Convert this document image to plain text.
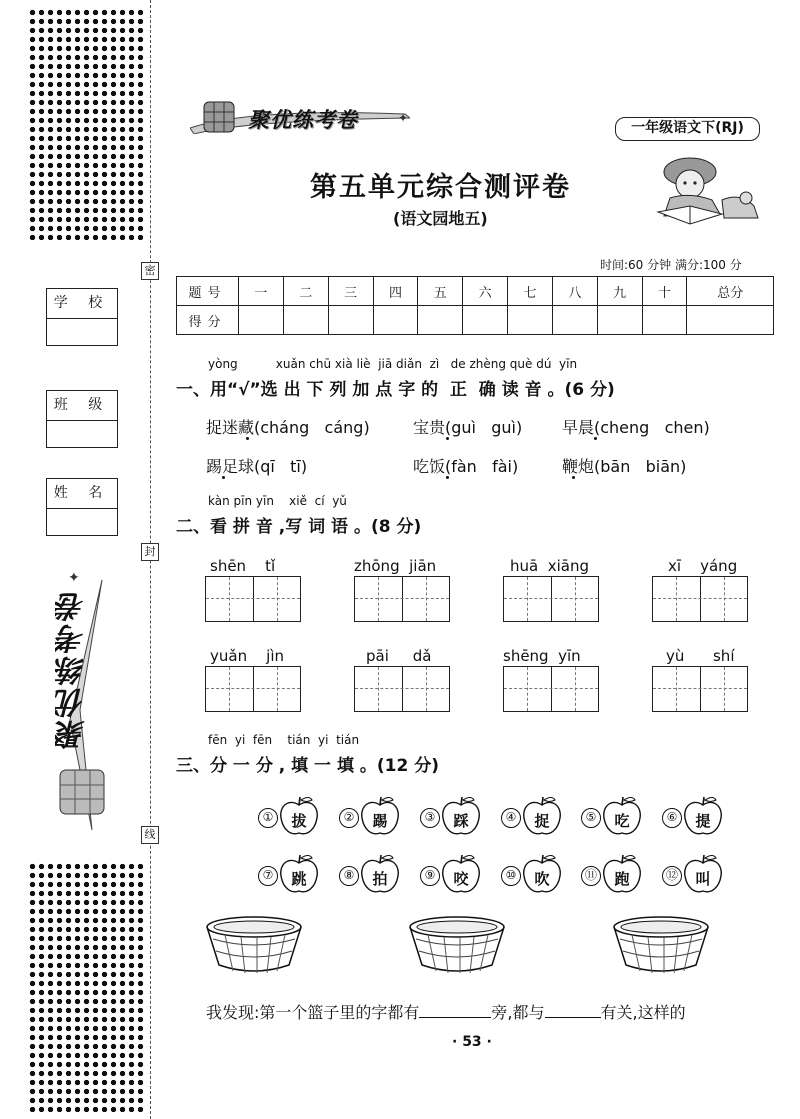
密
封
线
学 校
班 级
姓 名
✦
聚优练考卷
✦
聚优练考卷	一年级语文下(RJ)
第五单元综合测评卷
(语文园地五)
时间:60 分钟 满分:100 分
题号	一	二	三	四	五	六	七	八	九	十	总分
得分											
yòng          xuǎn chū xià liè  jiā diǎn  zì   de zhèng què dú  yīn
一、用“√”选 出 下 列 加 点 字 的  正  确 读 音 。(6 分)
捉迷藏(cháng   cáng)	宝贵(guì   guì) 早晨(cheng   chen)
踢足球(qī   tī)	吃饭(fàn   fài)	鞭炮(bān   biān)
kàn pīn yīn    xiě  cí  yǔ
二、看 拼 音 ,写 词 语 。(8 分)
shēn    tǐ	zhōng  jiān	huā  xiāng	xī    yáng
yuǎn    jìn	pāi     dǎ	shēng  yīn	yù      shí
fēn  yi  fēn    tián  yi  tián
三、分 一 分 , 填 一 填 。(12 分)
①	拔	②	踢	③	踩	④	捉	⑤	吃	⑥	提
⑦	跳	⑧	拍	⑨	咬	⑩	吹	⑪	跑	⑫	叫
我发现:第一个篮子里的字都有	旁,都与	有关,这样的
· 53 ·
